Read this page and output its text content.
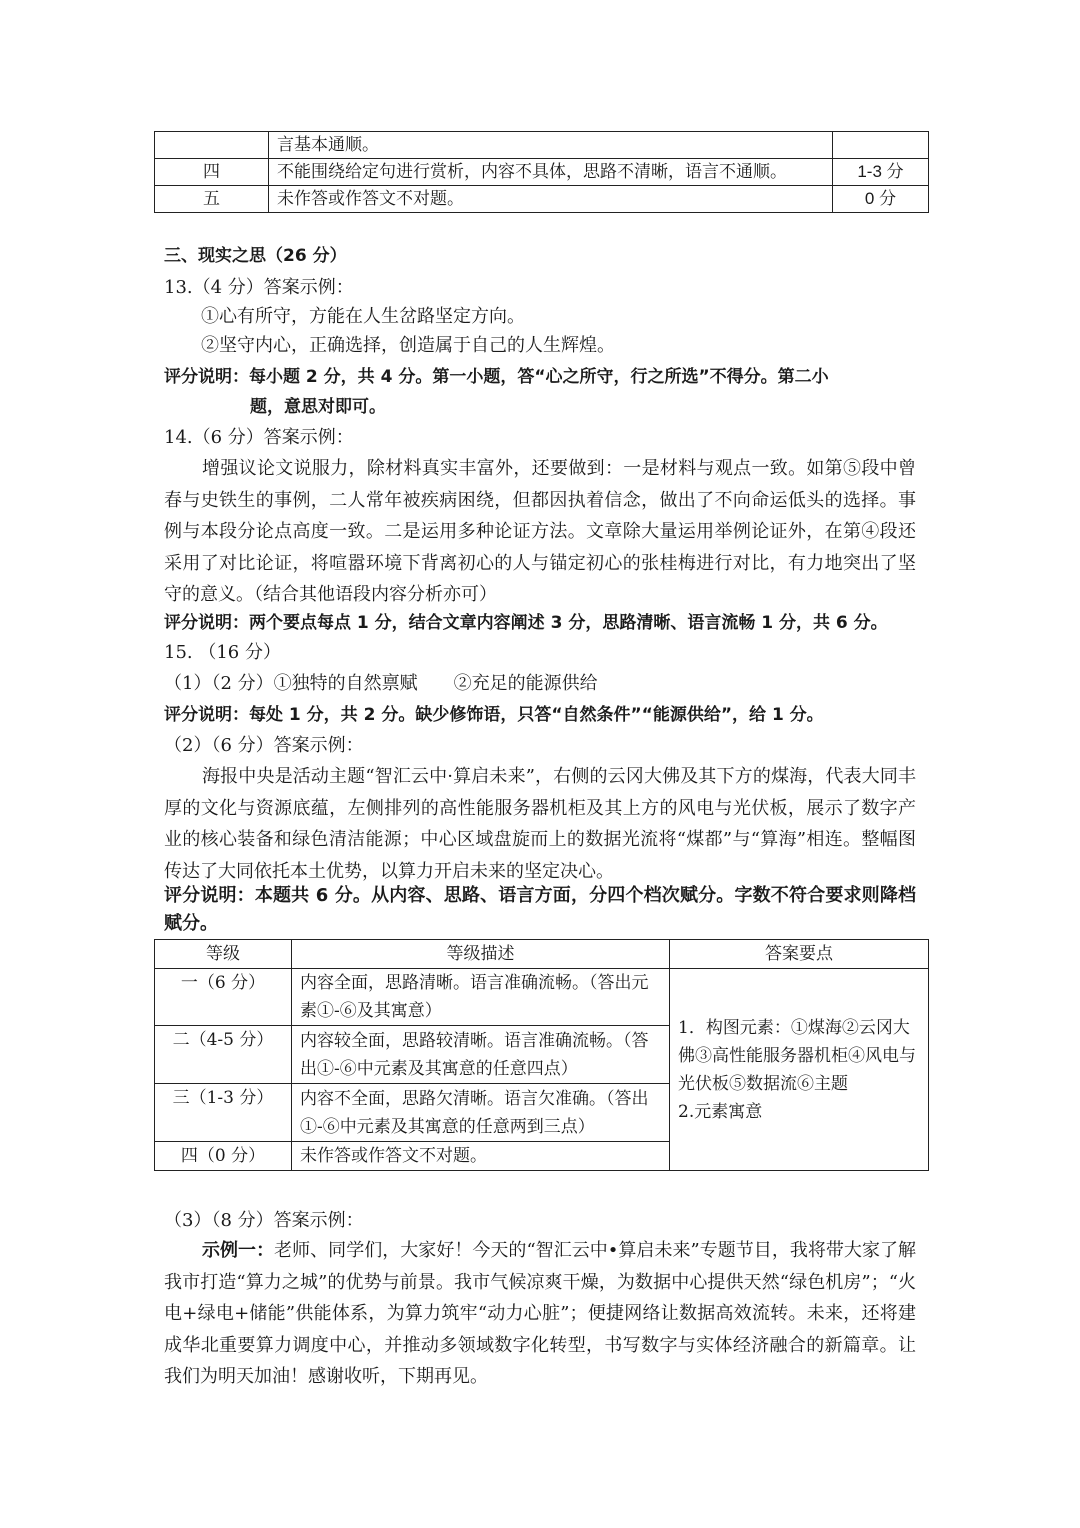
	言基本通顺。	
四	不能围绕给定句进行赏析，内容不具体，思路不清晰，语言不通顺。	1-3 分
五	未作答或作答文不对题。	0 分
三、现实之思（26 分）
13.（4 分）答案示例：
①心有所守，方能在人生岔路坚定方向。
②坚守内心，正确选择，创造属于自己的人生辉煌。
评分说明：每小题 2 分，共 4 分。第一小题，答“心之所守，行之所选”不得分。第二小
题，意思对即可。
14.（6 分）答案示例：
增强议论文说服力，除材料真实丰富外，还要做到：一是材料与观点一致。如第⑤段中曾春与史铁生的事例，二人常年被疾病困绕，但都因执着信念，做出了不向命运低头的选择。事例与本段分论点高度一致。二是运用多种论证方法。文章除大量运用举例论证外，在第④段还采用了对比论证，将喧嚣环境下背离初心的人与锚定初心的张桂梅进行对比，有力地突出了坚守的意义。（结合其他语段内容分析亦可）
评分说明：两个要点每点 1 分，结合文章内容阐述 3 分，思路清晰、语言流畅 1 分，共 6 分。
15. （16 分）
（1）（2 分）①独特的自然禀赋　　②充足的能源供给
评分说明：每处 1 分，共 2 分。缺少修饰语，只答“自然条件”“能源供给”，给 1 分。
（2）（6 分）答案示例：
海报中央是活动主题“智汇云中·算启未来”，右侧的云冈大佛及其下方的煤海，代表大同丰厚的文化与资源底蕴，左侧排列的高性能服务器机柜及其上方的风电与光伏板，展示了数字产业的核心装备和绿色清洁能源；中心区域盘旋而上的数据光流将“煤都”与“算海”相连。整幅图传达了大同依托本土优势，以算力开启未来的坚定决心。
评分说明：本题共 6 分。从内容、思路、语言方面，分四个档次赋分。字数不符合要求则降档赋分。
等级	等级描述	答案要点
一（6 分）	内容全面，思路清晰。语言准确流畅。（答出元素①-⑥及其寓意）	1．构图元素：①煤海②云冈大佛③高性能服务器机柜④风电与光伏板⑤数据流⑥主题
2.元素寓意
二（4-5 分）	内容较全面，思路较清晰。语言准确流畅。（答出①-⑥中元素及其寓意的任意四点）	
三（1-3 分）	内容不全面，思路欠清晰。语言欠准确。（答出①-⑥中元素及其寓意的任意两到三点）	
四（0 分）	未作答或作答文不对题。	
（3）（8 分）答案示例：
示例一：老师、同学们，大家好！今天的“智汇云中•算启未来”专题节目，我将带大家了解我市打造“算力之城”的优势与前景。我市气候凉爽干燥，为数据中心提供天然“绿色机房”；“火电+绿电+储能”供能体系，为算力筑牢“动力心脏”；便捷网络让数据高效流转。未来，还将建成华北重要算力调度中心，并推动多领域数字化转型，书写数字与实体经济融合的新篇章。让我们为明天加油！感谢收听，下期再见。
